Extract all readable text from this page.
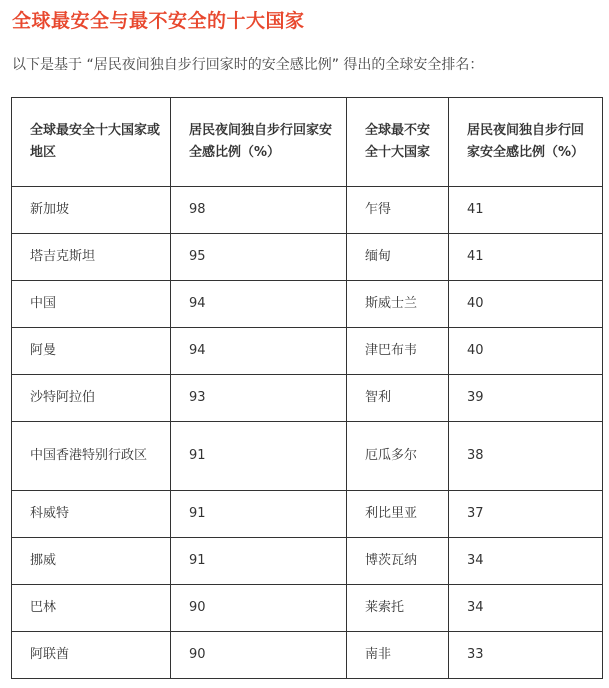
全球最安全与最不安全的十大国家
以下是基于 “居民夜间独自步行回家时的安全感比例” 得出的全球安全排名：
全球最安全十大国家或地区	居民夜间独自步行回家安全感比例（%）	全球最不安全十大国家	居民夜间独自步行回家安全感比例（%）
新加坡	98	乍得	41
塔吉克斯坦	95	缅甸	41
中国	94	斯威士兰	40
阿曼	94	津巴布韦	40
沙特阿拉伯	93	智利	39
中国香港特别行政区	91	厄瓜多尔	38
科威特	91	利比里亚	37
挪威	91	博茨瓦纳	34
巴林	90	莱索托	34
阿联酋	90	南非	33
